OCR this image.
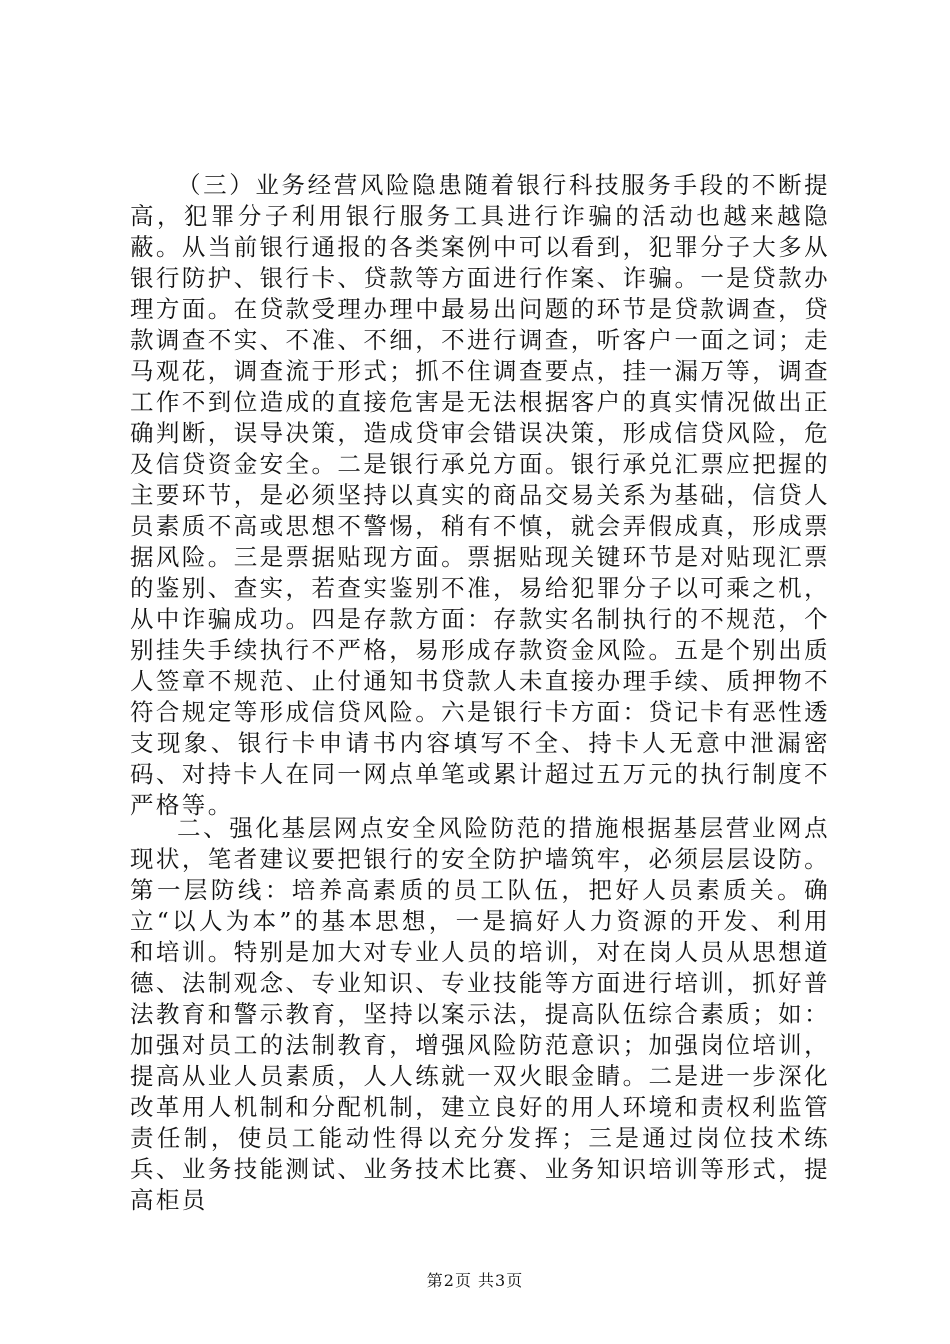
（三）业务经营风险隐患随着银行科技服务手段的不断提高，犯罪分子利用银行服务工具进行诈骗的活动也越来越隐蔽。从当前银行通报的各类案例中可以看到，犯罪分子大多从银行防护、银行卡、贷款等方面进行作案、诈骗。一是贷款办理方面。在贷款受理办理中最易出问题的环节是贷款调查，贷款调查不实、不准、不细，不进行调查，听客户一面之词；走马观花，调查流于形式；抓不住调查要点，挂一漏万等，调查工作不到位造成的直接危害是无法根据客户的真实情况做出正确判断，误导决策，造成贷审会错误决策，形成信贷风险，危及信贷资金安全。二是银行承兑方面。银行承兑汇票应把握的主要环节，是必须坚持以真实的商品交易关系为基础，信贷人员素质不高或思想不警惕，稍有不慎，就会弄假成真，形成票据风险。三是票据贴现方面。票据贴现关键环节是对贴现汇票的鉴别、查实，若查实鉴别不准，易给犯罪分子以可乘之机，从中诈骗成功。四是存款方面：存款实名制执行的不规范，个别挂失手续执行不严格，易形成存款资金风险。五是个别出质人签章不规范、止付通知书贷款人未直接办理手续、质押物不符合规定等形成信贷风险。六是银行卡方面：贷记卡有恶性透支现象、银行卡申请书内容填写不全、持卡人无意中泄漏密码、对持卡人在同一网点单笔或累计超过五万元的执行制度不严格等。

二、强化基层网点安全风险防范的措施根据基层营业网点现状，笔者建议要把银行的安全防护墙筑牢，必须层层设防。第一层防线：培养高素质的员工队伍，把好人员素质关。确立“以人为本”的基本思想，一是搞好人力资源的开发、利用和培训。特别是加大对专业人员的培训，对在岗人员从思想道德、法制观念、专业知识、专业技能等方面进行培训，抓好普法教育和警示教育，坚持以案示法，提高队伍综合素质；如：加强对员工的法制教育，增强风险防范意识；加强岗位培训，提高从业人员素质，人人练就一双火眼金睛。二是进一步深化改革用人机制和分配机制，建立良好的用人环境和责权利监管责任制，使员工能动性得以充分发挥；三是通过岗位技术练兵、业务技能测试、业务技术比赛、业务知识培训等形式，提高柜员

第2页 共3页
